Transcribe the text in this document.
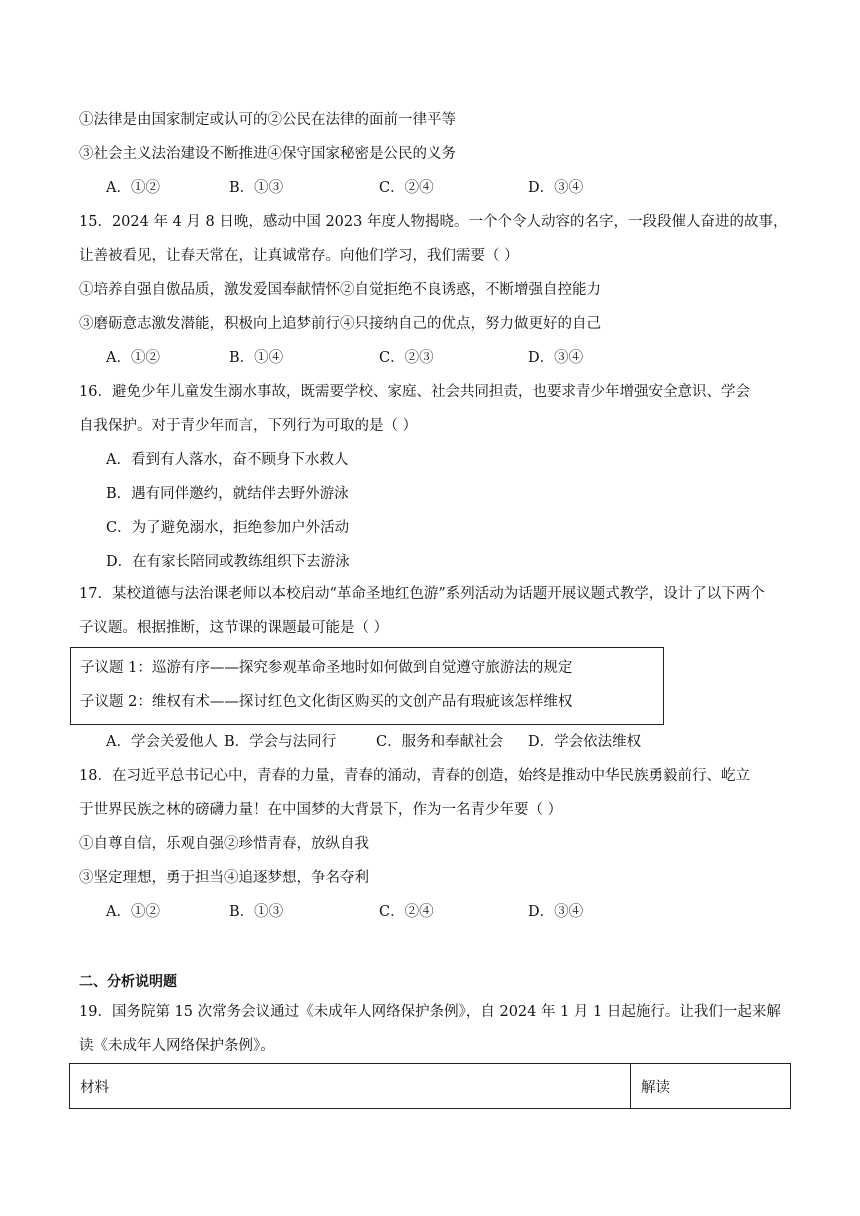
①法律是由国家制定或认可的②公民在法律的面前一律平等
③社会主义法治建设不断推进④保守国家秘密是公民的义务
A．①②	B．①③	C．②④	D．③④
15．2024 年 4 月 8 日晚，感动中国 2023 年度人物揭晓。一个个令人动容的名字，一段段催人奋进的故事，
让善被看见，让春天常在，让真诚常存。向他们学习，我们需要（ ）
①培养自强自傲品质，激发爱国奉献情怀②自觉拒绝不良诱惑，不断增强自控能力
③磨砺意志激发潜能，积极向上追梦前行④只接纳自己的优点，努力做更好的自己
A．①②	B．①④	C．②③	D．③④
16．避免少年儿童发生溺水事故，既需要学校、家庭、社会共同担责，也要求青少年增强安全意识、学会
自我保护。对于青少年而言，下列行为可取的是（ ）
A．看到有人落水，奋不顾身下水救人
B．遇有同伴邀约，就结伴去野外游泳
C．为了避免溺水，拒绝参加户外活动
D．在有家长陪同或教练组织下去游泳
17．某校道德与法治课老师以本校启动“革命圣地红色游”系列活动为话题开展议题式教学，设计了以下两个
子议题。根据推断，这节课的课题最可能是（ ）
子议题 1：巡游有序——探究参观革命圣地时如何做到自觉遵守旅游法的规定
子议题 2：维权有术——探讨红色文化街区购买的文创产品有瑕疵该怎样维权
A．学会关爱他人 B．学会与法同行	C．服务和奉献社会 D．学会依法维权
18．在习近平总书记心中，青春的力量，青春的涌动，青春的创造，始终是推动中华民族勇毅前行、屹立
于世界民族之林的磅礴力量！在中国梦的大背景下，作为一名青少年要（ ）
①自尊自信，乐观自强②珍惜青春，放纵自我
③坚定理想，勇于担当④追逐梦想，争名夺利
A．①②	B．①③	C．②④	D．③④
二、分析说明题
19．国务院第 15 次常务会议通过《未成年人网络保护条例》，自 2024 年 1 月 1 日起施行。让我们一起来解
读《未成年人网络保护条例》。
材料	解读
